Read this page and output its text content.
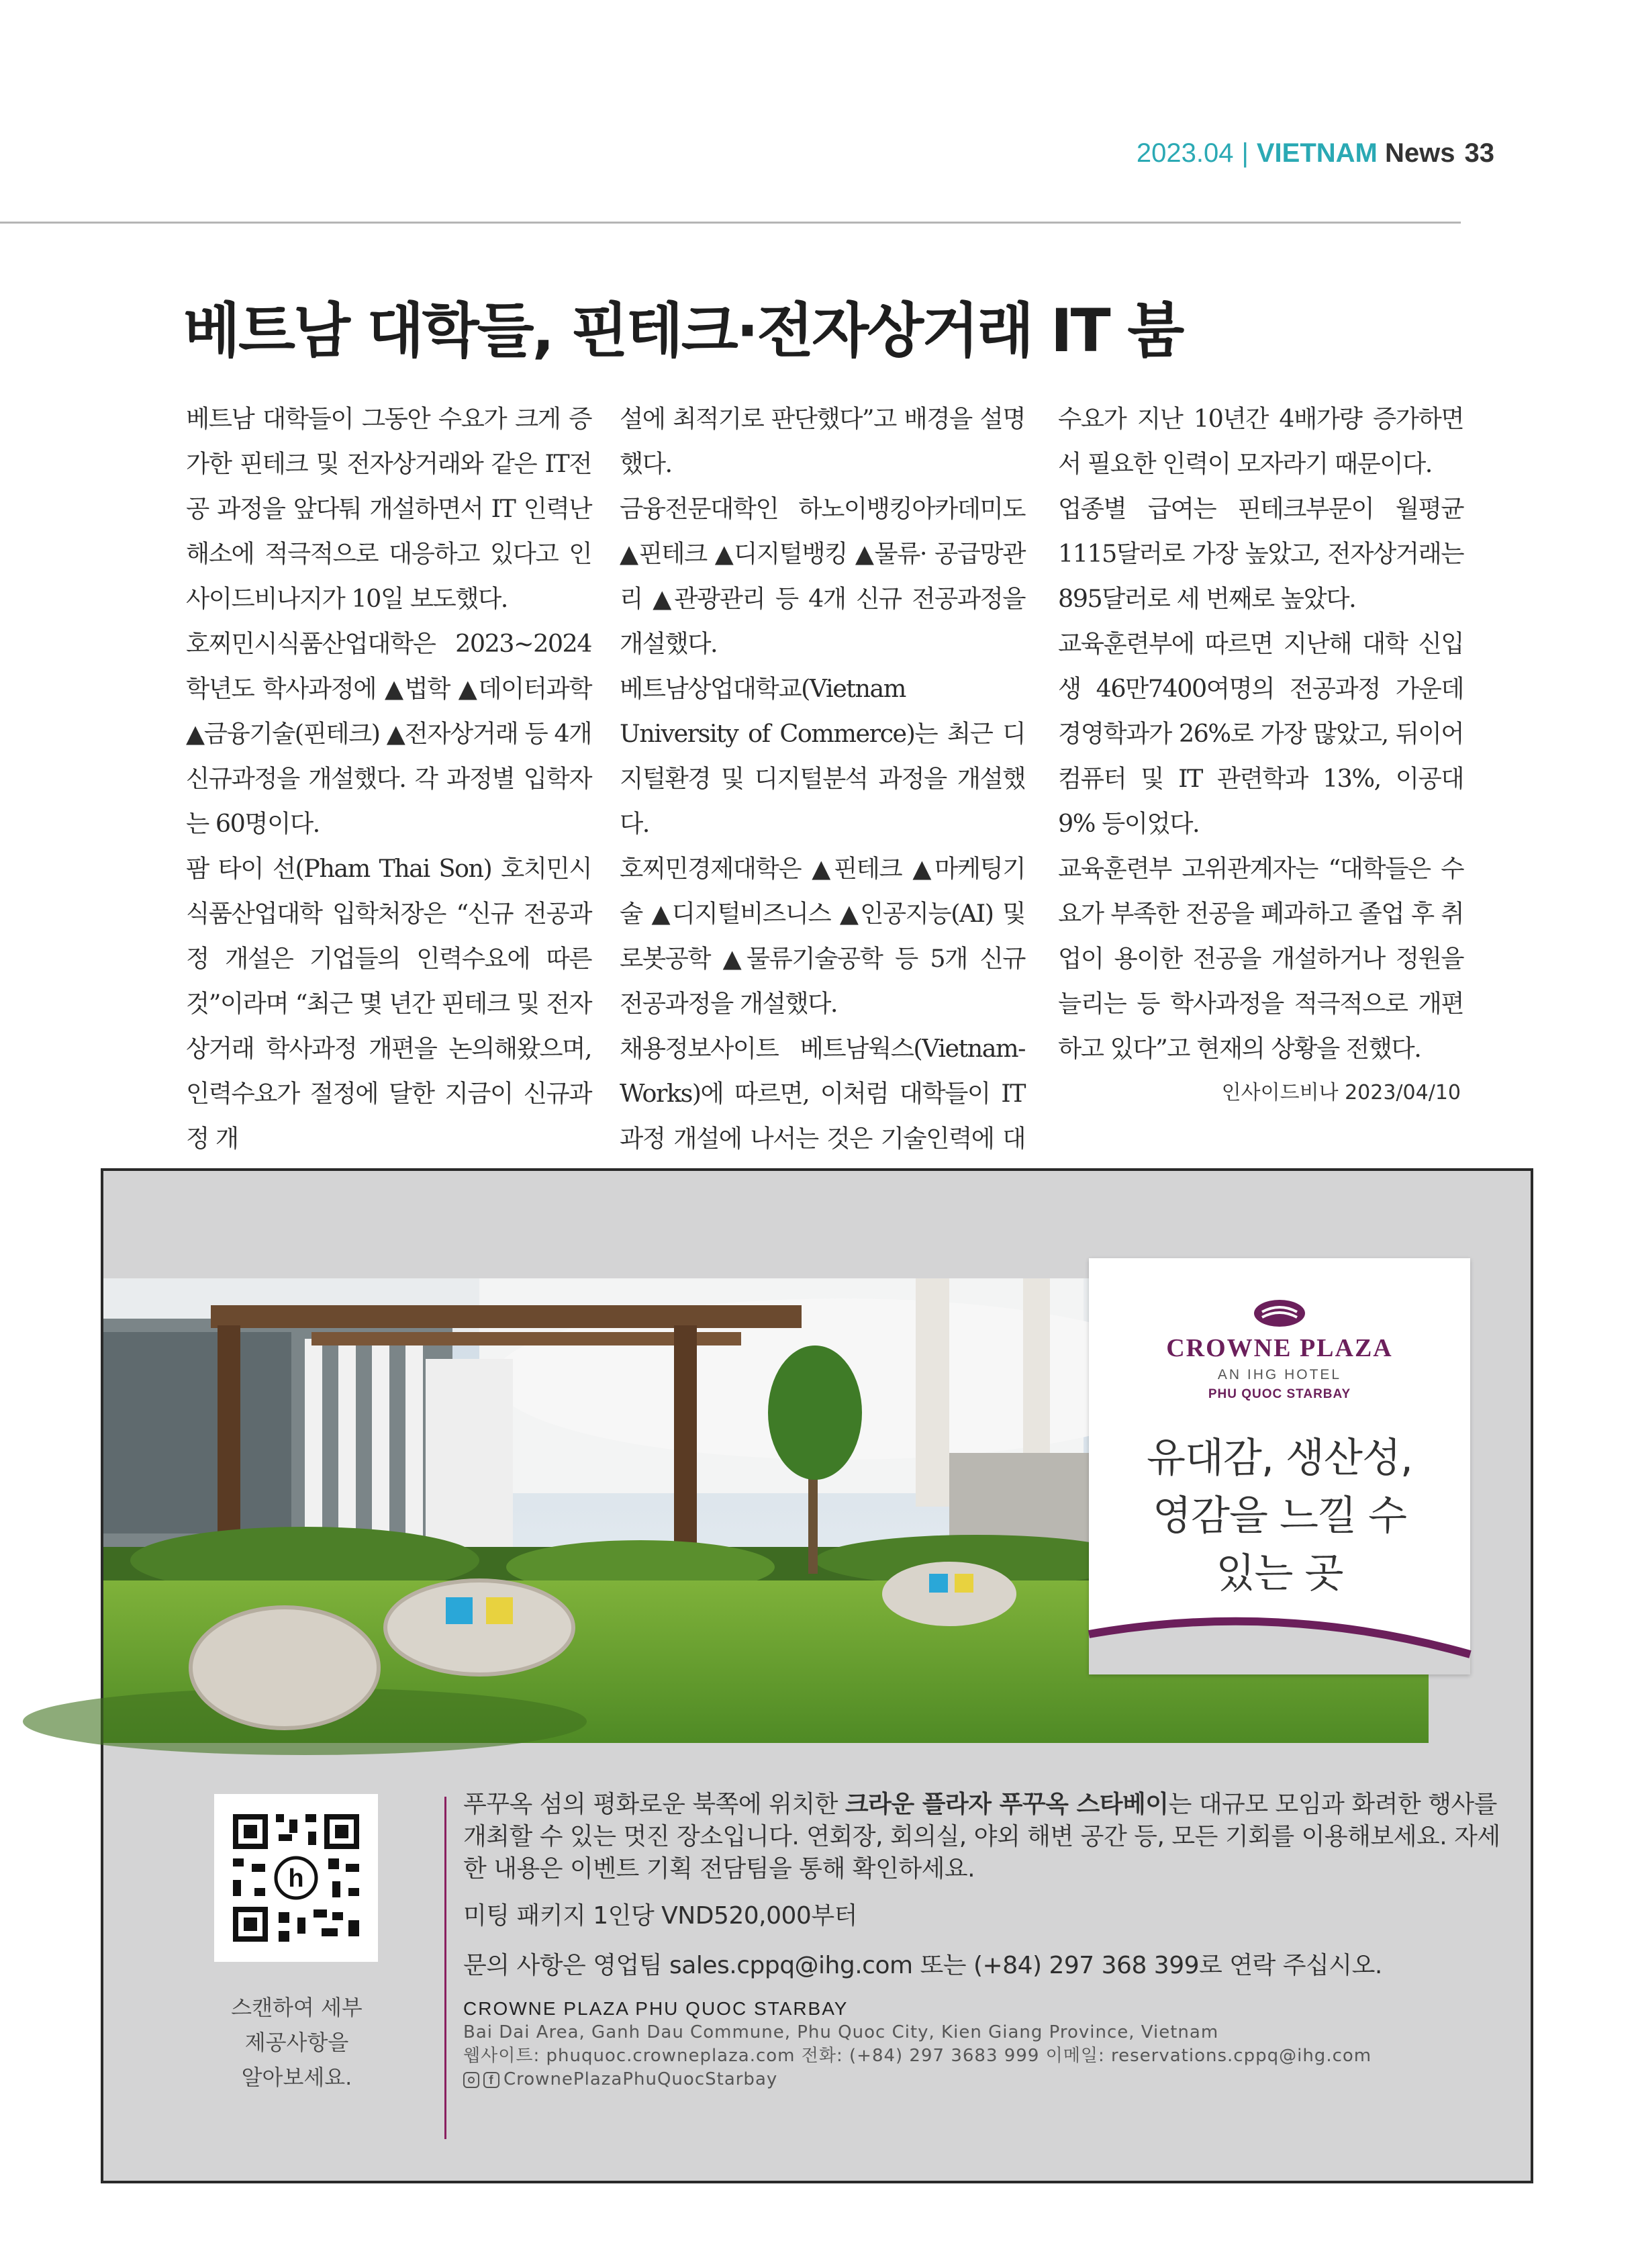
2023.04 | VIETNAM News 33
베트남 대학들, 핀테크·전자상거래 IT 붐

베트남 대학들이 그동안 수요가 크게 증가한 핀테크 및 전자상거래와 같은 IT전공 과정을 앞다퉈 개설하면서 IT 인력난 해소에 적극적으로 대응하고 있다고 인사이드비나지가 10일 보도했다.

호찌민시식품산업대학은 2023~2024학년도 학사과정에 ▲법학 ▲데이터과학 ▲금융기술(핀테크) ▲전자상거래 등 4개 신규과정을 개설했다. 각 과정별 입학자는 60명이다.

팜 타이 선(Pham Thai Son) 호치민시식품산업대학 입학처장은 “신규 전공과정 개설은 기업들의 인력수요에 따른 것”이라며 “최근 몇 년간 핀테크 및 전자상거래 학사과정 개편을 논의해왔으며, 인력수요가 절정에 달한 지금이 신규과정 개

설에 최적기로 판단했다”고 배경을 설명했다.

금융전문대학인 하노이뱅킹아카데미도 ▲핀테크 ▲디지털뱅킹 ▲물류· 공급망관리 ▲관광관리 등 4개 신규 전공과정을 개설했다.

베트남상업대학교(Vietnam University of Commerce)는 최근 디지털환경 및 디지털분석 과정을 개설했다.

호찌민경제대학은 ▲핀테크 ▲마케팅기술 ▲디지털비즈니스 ▲인공지능(AI) 및 로봇공학 ▲물류기술공학 등 5개 신규 전공과정을 개설했다.

채용정보사이트 베트남웍스(Vietnam-Works)에 따르면, 이처럼 대학들이 IT과정 개설에 나서는 것은 기술인력에 대

수요가 지난 10년간 4배가량 증가하면서 필요한 인력이 모자라기 때문이다.

업종별 급여는 핀테크부문이 월평균 1115달러로 가장 높았고, 전자상거래는 895달러로 세 번째로 높았다.

교육훈련부에 따르면 지난해 대학 신입생 46만7400여명의 전공과정 가운데 경영학과가 26%로 가장 많았고, 뒤이어 컴퓨터 및 IT 관련학과 13%, 이공대 9% 등이었다.

교육훈련부 고위관계자는 “대학들은 수요가 부족한 전공을 폐과하고 졸업 후 취업이 용이한 전공을 개설하거나 정원을 늘리는 등 학사과정을 적극적으로 개편하고 있다”고 현재의 상황을 전했다.

인사이드비나 2023/04/10
CROWNE PLAZA
AN IHG HOTEL
PHU QUOC STARBAY
유대감, 생산성,
영감을 느낄 수
있는 곳
h
스캔하여 세부
제공사항을
알아보세요.

푸꾸옥 섬의 평화로운 북쪽에 위치한 크라운 플라자 푸꾸옥 스타베이는 대규모 모임과 화려한 행사를 개최할 수 있는 멋진 장소입니다. 연회장, 회의실, 야외 해변 공간 등, 모든 기회를 이용해보세요. 자세한 내용은 이벤트 기획 전담팀을 통해 확인하세요.

미팅 패키지 1인당 VND520,000부터

문의 사항은 영업팀 sales.cppq@ihg.com 또는 (+84) 297 368 399로 연락 주십시오.

CROWNE PLAZA PHU QUOC STARBAY

Bai Dai Area, Ganh Dau Commune, Phu Quoc City, Kien Giang Province, Vietnam

웹사이트: phuquoc.crowneplaza.com 전화: (+84) 297 3683 999 이메일: reservations.cppq@ihg.com

f CrownePlazaPhuQuocStarbay
